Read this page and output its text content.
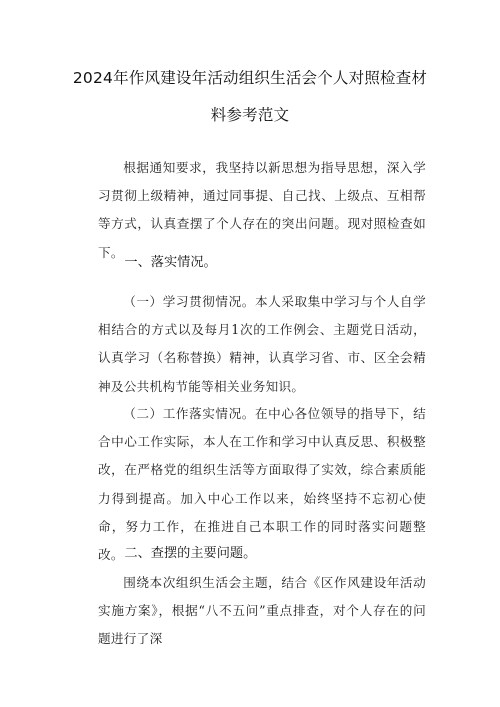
2024年作风建设年活动组织生活会个人对照检查材
料参考范文

根据通知要求，我坚持以新思想为指导思想，深入学习贯彻上级精神，通过同事提、自己找、上级点、互相帮等方式，认真查摆了个人存在的突出问题。现对照检查如下。

一、落实情况。

（一）学习贯彻情况。本人采取集中学习与个人自学相结合的方式以及每月1次的工作例会、主题党日活动，认真学习（名称替换）精神，认真学习省、市、区全会精神及公共机构节能等相关业务知识。

（二）工作落实情况。在中心各位领导的指导下，结合中心工作实际，本人在工作和学习中认真反思、积极整改，在严格党的组织生活等方面取得了实效，综合素质能力得到提高。加入中心工作以来，始终坚持不忘初心使命，努力工作，在推进自己本职工作的同时落实问题整改。 二、查摆的主要问题。

围绕本次组织生活会主题，结合《区作风建设年活动实施方案》，根据“八不五问”重点排查，对个人存在的问题进行了深
